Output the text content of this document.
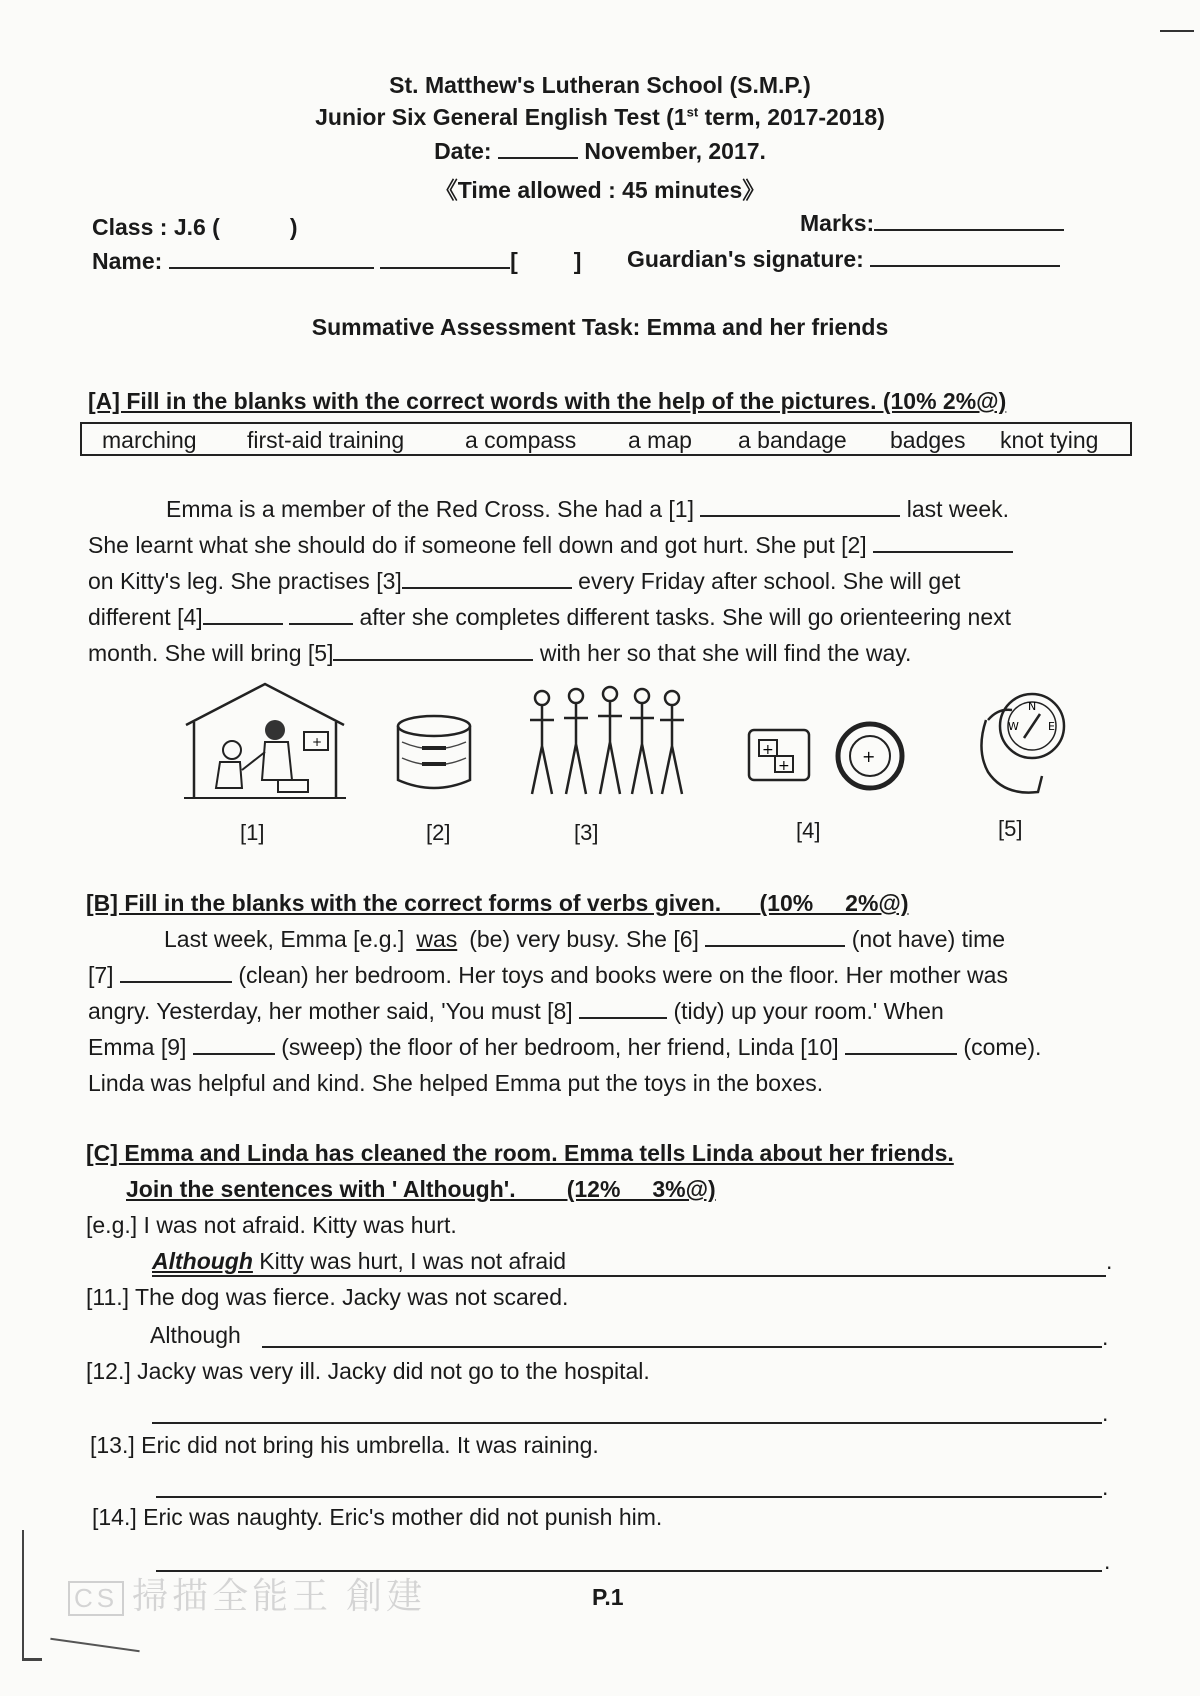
St. Matthew's Lutheran School (S.M.P.)
Junior Six General English Test (1st term, 2017-2018)
Date:	November, 2017.
《Time allowed : 45 minutes》
Class : J.6 (	)	Marks:
Name:	[ ] Guardian's signature:
Summative Assessment Task: Emma and her friends
[A] Fill in the blanks with the correct words with the help of the pictures. (10% 2%@)
marching first-aid training	a compass a map a bandage badges knot tying
Emma is a member of the Red Cross. She had a [1]	last week.
She learnt what she should do if someone fell down and got hurt. She put [2]
on Kitty's leg. She practises [3]	every Friday after school. She will get
different [4]	after she completes different tasks. She will go orienteering next
month. She will bring [5]	with her so that she will find the way.
+	+
+	+
N
E
W
[1]	[2]	[3]	[4]	[5]
[B] Fill in the blanks with the correct forms of verbs given.      (10%     2%@)
Last week, Emma [e.g.] was (be) very busy. She [6]	(not have) time
[7]	(clean) her bedroom. Her toys and books were on the floor. Her mother was
angry. Yesterday, her mother said, 'You must [8]	(tidy) up your room.' When
Emma [9]	(sweep) the floor of her bedroom, her friend, Linda [10]	(come).
Linda was helpful and kind. She helped Emma put the toys in the boxes.
[C] Emma and Linda has cleaned the room. Emma tells Linda about her friends.
Join the sentences with ' Although'.        (12%     3%@)
[e.g.] I was not afraid. Kitty was hurt.
Although Kitty was hurt, I was not afraid	.
[11.] The dog was fierce. Jacky was not scared.
Although	.
[12.] Jacky was very ill. Jacky did not go to the hospital.
.
[13.] Eric did not bring his umbrella. It was raining.
.
[14.] Eric was naughty. Eric's mother did not punish him.
.
CS 掃描全能王 創建	P.1
